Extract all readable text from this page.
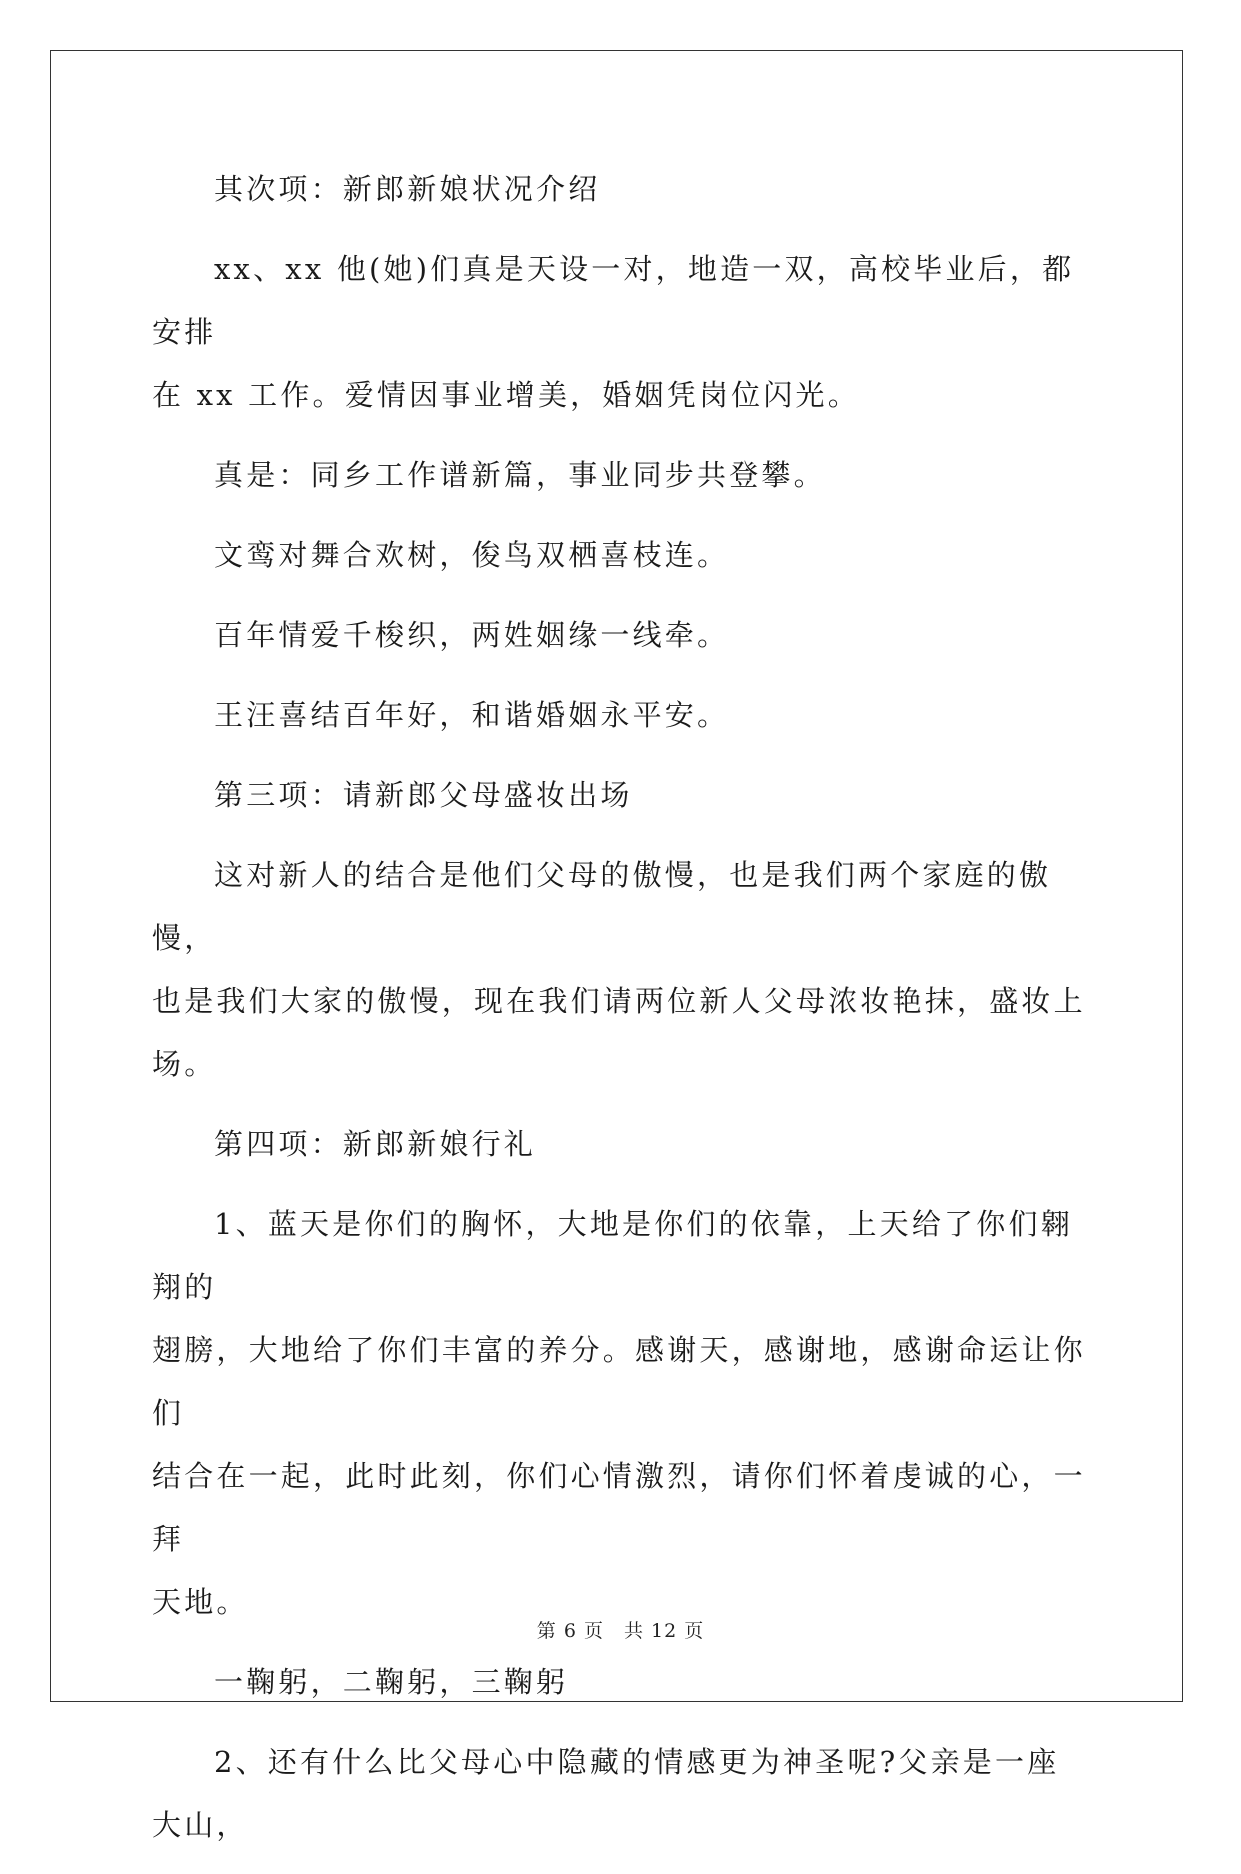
其次项：新郎新娘状况介绍

xx、xx 他(她)们真是天设一对，地造一双，高校毕业后，都安排
在 xx 工作。爱情因事业增美，婚姻凭岗位闪光。

真是：同乡工作谱新篇，事业同步共登攀。

文鸾对舞合欢树，俊鸟双栖喜枝连。

百年情爱千梭织，两姓姻缘一线牵。

王汪喜结百年好，和谐婚姻永平安。

第三项：请新郎父母盛妆出场

这对新人的结合是他们父母的傲慢，也是我们两个家庭的傲慢，
也是我们大家的傲慢，现在我们请两位新人父母浓妆艳抹，盛妆上场。

第四项：新郎新娘行礼

1、蓝天是你们的胸怀，大地是你们的依靠，上天给了你们翱翔的
翅膀，大地给了你们丰富的养分。感谢天，感谢地，感谢命运让你们
结合在一起，此时此刻，你们心情激烈，请你们怀着虔诚的心，一拜
天地。

一鞠躬，二鞠躬，三鞠躬

2、还有什么比父母心中隐藏的情感更为神圣呢?父亲是一座大山，

第 6 页　共 12 页
